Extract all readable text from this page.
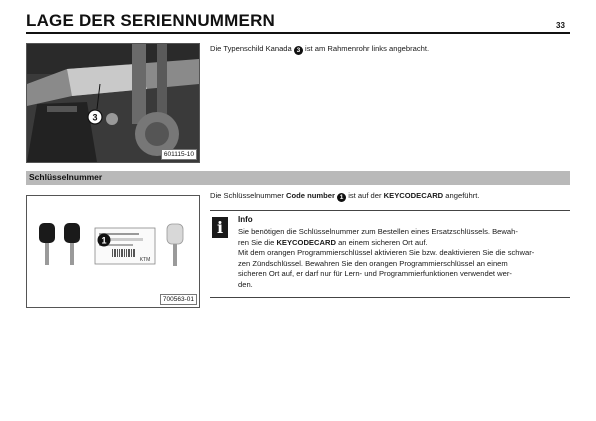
LAGE DER SERIENNUMMERN	33
3
601115-10
Die Typenschild Kanada 3 ist am Rahmenrohr links angebracht.
Schlüsselnummer
KTM
1
700563-01
Die Schlüsselnummer Code number 1 ist auf der KEYCODECARD angeführt.
i	Info
Sie benötigen die Schlüsselnummer zum Bestellen eines Ersatzschlüssels. Bewah-
ren Sie die KEYCODECARD an einem sicheren Ort auf.
Mit dem orangen Programmierschlüssel aktivieren Sie bzw. deaktivieren Sie die schwar-
zen Zündschlüssel. Bewahren Sie den orangen Programmierschlüssel an einem
sicheren Ort auf, er darf nur für Lern- und Programmierfunktionen verwendet wer-
den.
